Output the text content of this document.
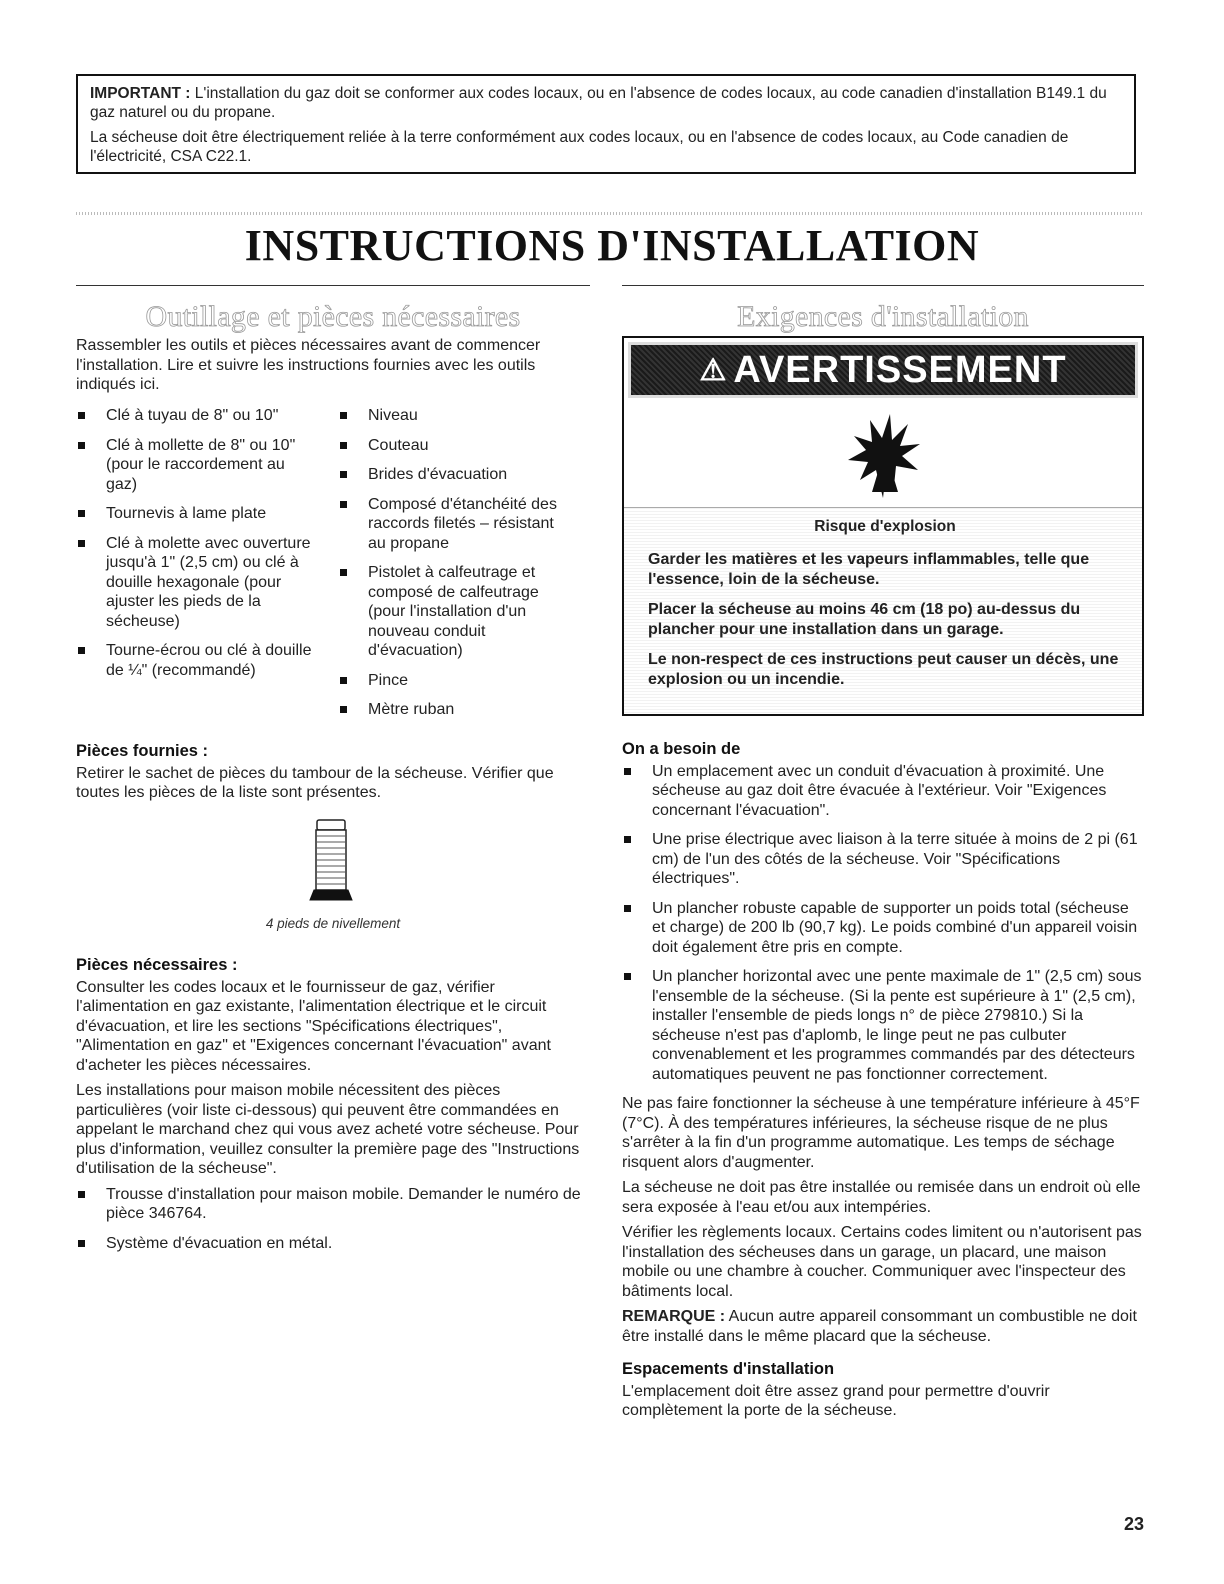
IMPORTANT : L'installation du gaz doit se conformer aux codes locaux, ou en l'absence de codes locaux, au code canadien d'installation B149.1 du gaz naturel ou du propane.

La sécheuse doit être électriquement reliée à la terre conformément aux codes locaux, ou en l'absence de codes locaux, au Code canadien de l'électricité, CSA C22.1.

INSTRUCTIONS D'INSTALLATION
Outillage et pièces nécessaires	Exigences d'installation

Rassembler les outils et pièces nécessaires avant de commencer l'installation. Lire et suivre les instructions fournies avec les outils indiqués ici.

Clé à tuyau de 8" ou 10"
Clé à mollette de 8" ou 10" (pour le raccordement au gaz)
Tournevis à lame plate
Clé à molette avec ouverture jusqu'à 1" (2,5 cm) ou clé à douille hexagonale (pour ajuster les pieds de la sécheuse)
Tourne-écrou ou clé à douille de ¼" (recommandé)
Niveau
Couteau
Brides d'évacuation
Composé d'étanchéité des raccords filetés – résistant au propane
Pistolet à calfeutrage et composé de calfeutrage (pour l'installation d'un nouveau conduit d'évacuation)
Pince
Mètre ruban
Pièces fournies :

Retirer le sachet de pièces du tambour de la sécheuse. Vérifier que toutes les pièces de la liste sont présentes.

4 pieds de nivellement
Pièces nécessaires :

Consulter les codes locaux et le fournisseur de gaz, vérifier l'alimentation en gaz existante, l'alimentation électrique et le circuit d'évacuation, et lire les sections "Spécifications électriques", "Alimentation en gaz" et "Exigences concernant l'évacuation" avant d'acheter les pièces nécessaires.

Les installations pour maison mobile nécessitent des pièces particulières (voir liste ci-dessous) qui peuvent être commandées en appelant le marchand chez qui vous avez acheté votre sécheuse. Pour plus d'information, veuillez consulter la première page des "Instructions d'utilisation de la sécheuse".

Trousse d'installation pour maison mobile. Demander le numéro de pièce 346764.
Système d'évacuation en métal.
⚠ AVERTISSEMENT
Risque d'explosion

Garder les matières et les vapeurs inflammables, telle que l'essence, loin de la sécheuse.

Placer la sécheuse au moins 46 cm (18 po) au-dessus du plancher pour une installation dans un garage.

Le non-respect de ces instructions peut causer un décès, une explosion ou un incendie.

On a besoin de
Un emplacement avec un conduit d'évacuation à proximité. Une sécheuse au gaz doit être évacuée à l'extérieur. Voir "Exigences concernant l'évacuation".
Une prise électrique avec liaison à la terre située à moins de 2 pi (61 cm) de l'un des côtés de la sécheuse. Voir "Spécifications électriques".
Un plancher robuste capable de supporter un poids total (sécheuse et charge) de 200 lb (90,7 kg). Le poids combiné d'un appareil voisin doit également être pris en compte.
Un plancher horizontal avec une pente maximale de 1" (2,5 cm) sous l'ensemble de la sécheuse. (Si la pente est supérieure à 1" (2,5 cm), installer l'ensemble de pieds longs n° de pièce 279810.) Si la sécheuse n'est pas d'aplomb, le linge peut ne pas culbuter convenablement et les programmes commandés par des détecteurs automatiques peuvent ne pas fonctionner correctement.

Ne pas faire fonctionner la sécheuse à une température inférieure à 45°F (7°C). À des températures inférieures, la sécheuse risque de ne plus s'arrêter à la fin d'un programme automatique. Les temps de séchage risquent alors d'augmenter.

La sécheuse ne doit pas être installée ou remisée dans un endroit où elle sera exposée à l'eau et/ou aux intempéries.

Vérifier les règlements locaux. Certains codes limitent ou n'autorisent pas l'installation des sécheuses dans un garage, un placard, une maison mobile ou une chambre à coucher. Communiquer avec l'inspecteur des bâtiments local.

REMARQUE : Aucun autre appareil consommant un combustible ne doit être installé dans le même placard que la sécheuse.

Espacements d'installation

L'emplacement doit être assez grand pour permettre d'ouvrir complètement la porte de la sécheuse.

23
